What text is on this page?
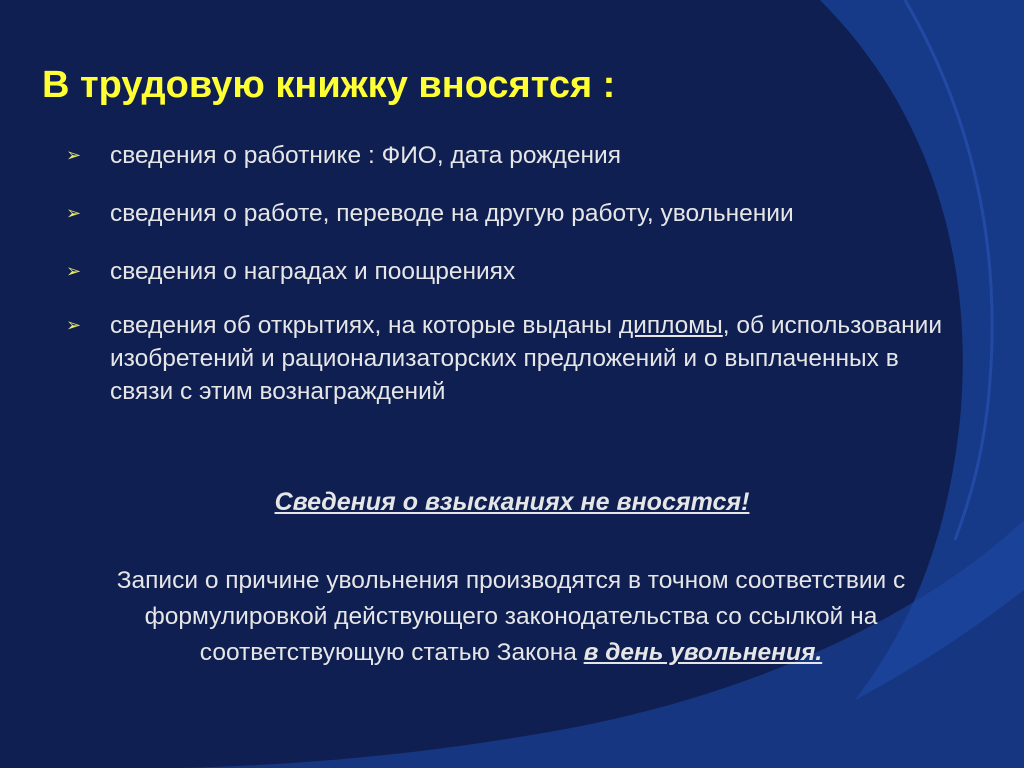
В трудовую книжку вносятся :
➢ сведения о работнике : ФИО, дата рождения
➢ сведения о работе, переводе на другую работу, увольнении
➢ сведения о наградах и поощрениях
➢ сведения об открытиях, на которые выданы дипломы, об использовании изобретений и рационализаторских предложений и о выплаченных в связи с этим вознаграждений

Сведения о взысканиях не вносятся!

Записи о причине увольнения производятся в точном соответствии с формулировкой действующего законодательства со ссылкой на соответствующую статью Закона в день увольнения.
